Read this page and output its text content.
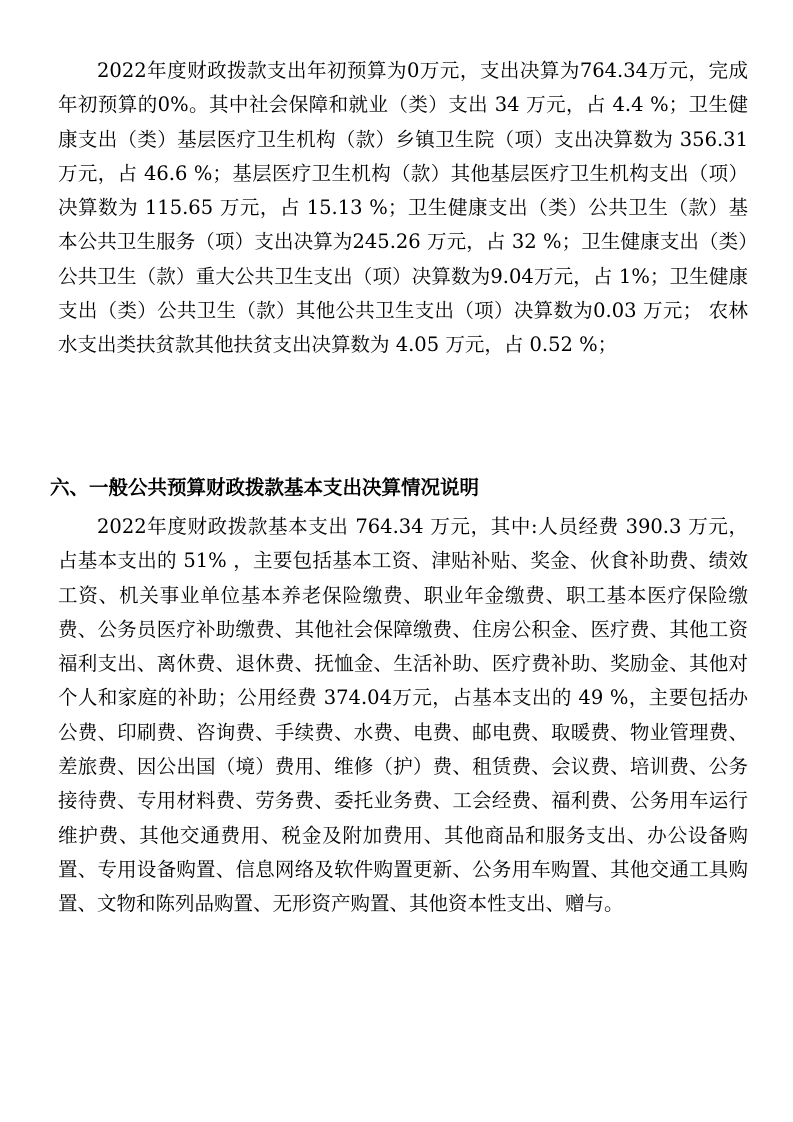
2022年度财政拨款支出年初预算为0万元，支出决算为764.34万元，完成年初预算的0%。其中社会保障和就业（类）支出 34 万元，占 4.4 %；卫生健康支出（类）基层医疗卫生机构（款）乡镇卫生院（项）支出决算数为 356.31 万元，占 46.6 %；基层医疗卫生机构（款）其他基层医疗卫生机构支出（项）决算数为 115.65 万元，占 15.13 %；卫生健康支出（类）公共卫生（款）基本公共卫生服务（项）支出决算为245.26 万元，占 32 %；卫生健康支出（类）公共卫生（款）重大公共卫生支出（项）决算数为9.04万元，占 1%；卫生健康支出（类）公共卫生（款）其他公共卫生支出（项）决算数为0.03 万元； 农林水支出类扶贫款其他扶贫支出决算数为 4.05 万元，占 0.52 %；

六、一般公共预算财政拨款基本支出决算情况说明

2022年度财政拨款基本支出 764.34 万元，其中:人员经费 390.3 万元，占基本支出的 51% ，主要包括基本工资、津贴补贴、奖金、伙食补助费、绩效工资、机关事业单位基本养老保险缴费、职业年金缴费、职工基本医疗保险缴费、公务员医疗补助缴费、其他社会保障缴费、住房公积金、医疗费、其他工资福利支出、离休费、退休费、抚恤金、生活补助、医疗费补助、奖励金、其他对个人和家庭的补助；公用经费 374.04万元，占基本支出的 49 %，主要包括办公费、印刷费、咨询费、手续费、水费、电费、邮电费、取暖费、物业管理费、差旅费、因公出国（境）费用、维修（护）费、租赁费、会议费、培训费、公务接待费、专用材料费、劳务费、委托业务费、工会经费、福利费、公务用车运行维护费、其他交通费用、税金及附加费用、其他商品和服务支出、办公设备购置、专用设备购置、信息网络及软件购置更新、公务用车购置、其他交通工具购置、文物和陈列品购置、无形资产购置、其他资本性支出、赠与。
